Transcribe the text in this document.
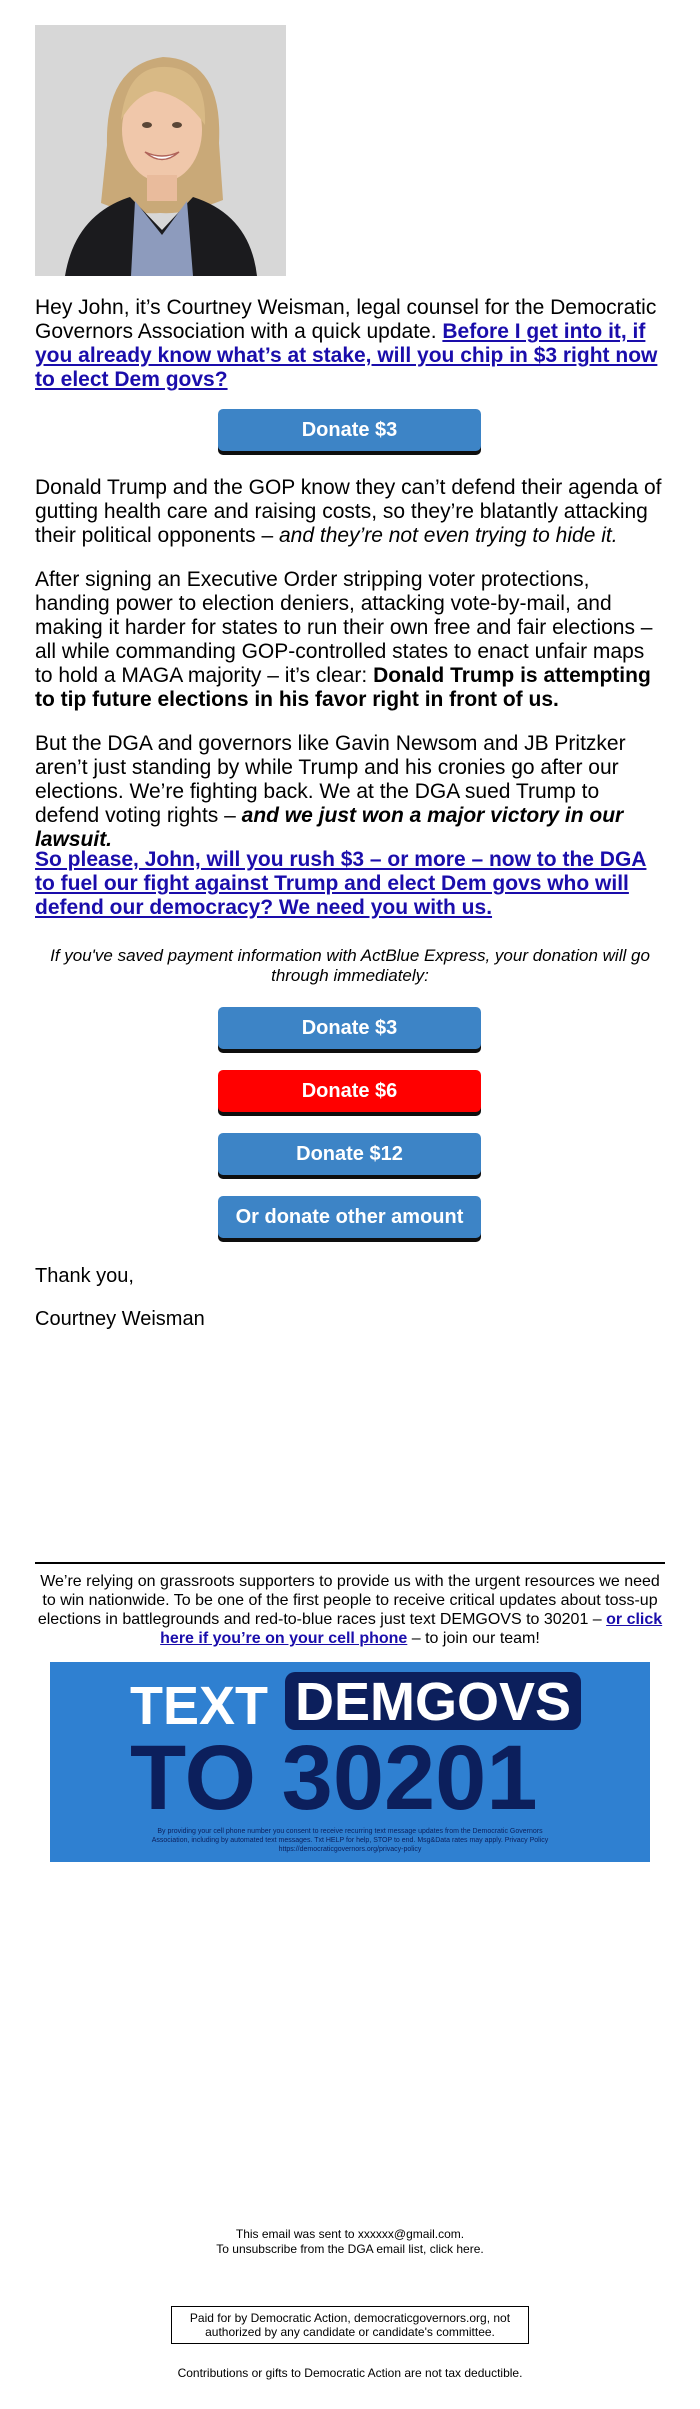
Hey John, it’s Courtney Weisman, legal counsel for the Democratic Governors Association with a quick update. Before I get into it, if you already know what’s at stake, will you chip in $3 right now to elect Dem govs?

Donate $3

Donald Trump and the GOP know they can’t defend their agenda of gutting health care and raising costs, so they’re blatantly attacking their political opponents – and they’re not even trying to hide it.

After signing an Executive Order stripping voter protections, handing power to election deniers, attacking vote-by-mail, and making it harder for states to run their own free and fair elections – all while commanding GOP-controlled states to enact unfair maps to hold a MAGA majority – it’s clear: Donald Trump is attempting to tip future elections in his favor right in front of us.

But the DGA and governors like Gavin Newsom and JB Pritzker aren’t just standing by while Trump and his cronies go after our elections. We’re fighting back. We at the DGA sued Trump to defend voting rights – and we just won a major victory in our lawsuit.

So please, John, will you rush $3 – or more – now to the DGA to fuel our fight against Trump and elect Dem govs who will defend our democracy? We need you with us.

If you've saved payment information with ActBlue Express, your donation will go through immediately:
Donate $3
Donate $6
Donate $12
Or donate other amount
Thank you,
Courtney Weisman
We’re relying on grassroots supporters to provide us with the urgent resources we need to win nationwide. To be one of the first people to receive critical updates about toss-up elections in battlegrounds and red-to-blue races just text DEMGOVS to 30201 – or click here if you’re on your cell phone – to join our team!
TEXT DEMGOVS
TO 30201
By providing your cell phone number you consent to receive recurring text message updates from the Democratic Governors Association, including by automated text messages. Txt HELP for help, STOP to end. Msg&Data rates may apply. Privacy Policy https://democraticgovernors.org/privacy-policy
This email was sent to xxxxxx@gmail.com.
To unsubscribe from the DGA email list, click here.
Paid for by Democratic Action, democraticgovernors.org, not authorized by any candidate or candidate's committee.
Contributions or gifts to Democratic Action are not tax deductible.
